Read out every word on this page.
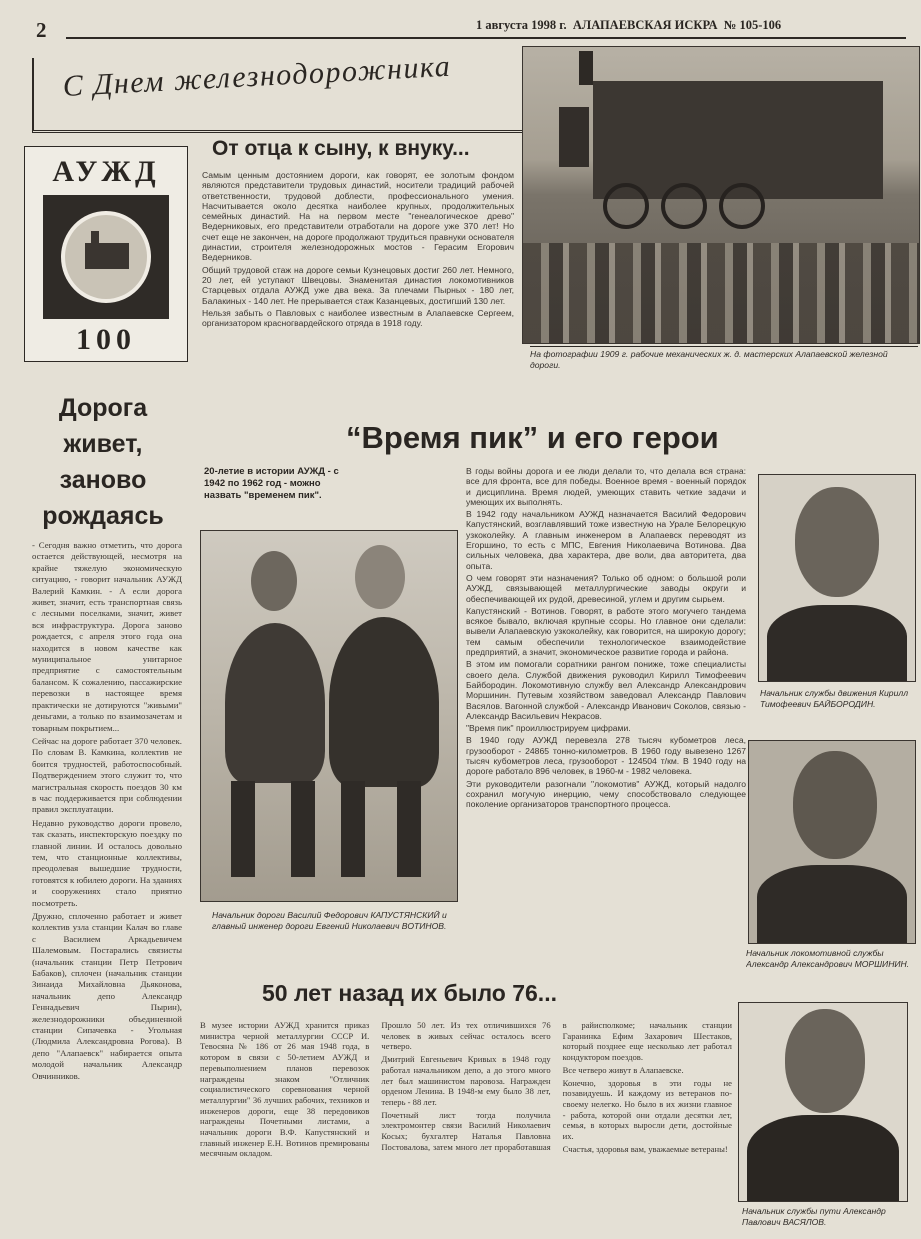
2	1 августа 1998 г.  АЛАПАЕВСКАЯ ИСКРА  № 105-106
С Днем железнодорожника
АУЖД
100
От отца к сыну, к внуку...

Самым ценным достоянием дороги, как говорят, ее золотым фондом являются представители трудовых династий, носители традиций рабочей ответственности, трудовой доблести, профессионального умения. Насчитывается около десятка наиболее крупных, продолжительных семейных династий. На на первом месте "генеалогическое древо" Ведерниковых, его представители отработали на дороге уже 370 лет! Но счет еще не закончен, на дороге продолжают трудиться правнуки основателя династии, строителя железнодорожных мостов - Герасим Егорович Ведерников.

Общий трудовой стаж на дороге семьи Кузнецовых достиг 260 лет. Немного, 20 лет, ей уступают Швецовы. Знаменитая династия локомотивников Старцевых отдала АУЖД уже два века. За плечами Пырных - 180 лет, Балакиных - 140 лет. Не прерывается стаж Казанцевых, достигший 130 лет.

Нельзя забыть о Павловых с наиболее известным в Алапаевске Сергеем, организатором красногвардейского отряда в 1918 году.

На фотографии 1909 г. рабочие механических ж. д. мастерских Алапаевской железной дороги.
Дорога живет, заново рождаясь

- Сегодня важно отметить, что дорога остается действующей, несмотря на крайне тяжелую экономическую ситуацию, - говорит начальник АУЖД Валерий Камкин. - А если дорога живет, значит, есть транспортная связь с лесными поселками, значит, живет вся инфраструктура. Дорога заново рождается, с апреля этого года она находится в новом качестве как муниципальное унитарное предприятие с самостоятельным балансом. К сожалению, пассажирские перевозки в настоящее время практически не дотируются "живыми" деньгами, а только по взаимозачетам и товарным покрытием...

Сейчас на дороге работает 370 человек. По словам В. Камкина, коллектив не боится трудностей, работоспособный. Подтверждением этого служит то, что магистральная скорость поездов 30 км в час поддерживается при соблюдении правил эксплуатации.

Недавно руководство дороги провело, так сказать, инспекторскую поездку по главной линии. И осталось довольно тем, что станционные коллективы, преодолевая вышедшие трудности, готовятся к юбилею дороги. На зданиях и сооружениях стало приятно посмотреть.

Дружно, сплоченно работает и живет коллектив узла станции Калач во главе с Василием Аркадьевичем Шалемовым. Постарались связисты (начальник станции Петр Петрович Бабаков), сплочен (начальник станции Зинаида Михайловна Дьяконова, начальник депо Александр Геннадьевич Пырин), железнодорожники объединенной станции Сипачевка - Угольная (Людмила Александровна Рогова). В депо "Алапаевск" набирается опыта молодой начальник Александр Овчинников.

“Время пик” и его герои
20-летие в истории АУЖД - с 1942 по 1962 год - можно назвать "временем пик".
Начальник дороги Василий Федорович КАПУСТЯНСКИЙ и главный инженер дороги Евгений Николаевич ВОТИНОВ.

В годы войны дорога и ее люди делали то, что делала вся страна: все для фронта, все для победы. Военное время - военный порядок и дисциплина. Время людей, умеющих ставить четкие задачи и умеющих их выполнять.

В 1942 году начальником АУЖД назначается Василий Федорович Капустянский, возглавлявший тоже известную на Урале Белорецкую узкоколейку. А главным инженером в Алапаевск переводят из Егоршино, то есть с МПС, Евгения Николаевича Вотинова. Два сильных человека, два характера, две воли, два авторитета, два опыта.

О чем говорят эти назначения? Только об одном: о большой роли АУЖД, связывающей металлургические заводы округи и обеспечивающей их рудой, древесиной, углем и другим сырьем.

Капустянский - Вотинов. Говорят, в работе этого могучего тандема всякое бывало, включая крупные ссоры. Но главное они сделали: вывели Алапаевскую узкоколейку, как говорится, на широкую дорогу; тем самым обеспечили технологическое взаимодействие предприятий, а значит, экономическое развитие города и района.

В этом им помогали соратники рангом пониже, тоже специалисты своего дела. Службой движения руководил Кирилл Тимофеевич Байбородин. Локомотивную службу вел Александр Александрович Моршинин. Путевым хозяйством заведовал Александр Павлович Васялов. Вагонной службой - Александр Иванович Соколов, связью - Александр Васильевич Некрасов.

"Время пик" проиллюстрируем цифрами.

В 1940 году АУЖД перевезла 278 тысяч кубометров леса, грузооборот - 24865 тонно-километров. В 1960 году вывезено 1267 тысяч кубометров леса, грузооборот - 124504 т/км. В 1940 году на дороге работало 896 человек, в 1960-м - 1982 человека.

Эти руководители разогнали "локомотив" АУЖД, который надолго сохранил могучую инерцию, чему способствовало следующее поколение организаторов транспортного процесса.

Начальник службы движения Кирилл Тимофеевич БАЙБОРОДИН.
Начальник локомотивной службы Александр Александрович МОРШИНИН.
Начальник службы пути Александр Павлович ВАСЯЛОВ.
50 лет назад их было 76...

В музее истории АУЖД хранится приказ министра черной металлургии СССР И. Тевосяна № 186 от 26 мая 1948 года, в котором в связи с 50-летием АУЖД и перевыполнением планов перевозок награждены знаком "Отличник социалистического соревнования черной металлургии" 36 лучших рабочих, техников и инженеров дороги, еще 38 передовиков награждены Почетными листами, а начальник дороги В.Ф. Капустянский и главный инженер Е.Н. Вотинов премированы месячным окладом.

Прошло 50 лет. Из тех отличившихся 76 человек в живых сейчас осталось всего четверо.

Дмитрий Евгеньевич Кривых в 1948 году работал начальником депо, а до этого много лет был машинистом паровоза. Награжден орденом Ленина. В 1948-м ему было 38 лет, теперь - 88 лет.

Почетный лист тогда получила электромонтер связи Василий Николаевич Косых; бухгалтер Наталья Павловна Постовалова, затем много лет проработавшая в райисполкоме; начальник станции Гаранинка Ефим Захарович Шестаков, который позднее еще несколько лет работал кондуктором поездов.

Все четверо живут в Алапаевске.

Конечно, здоровья в эти годы не позавидуешь. И каждому из ветеранов по-своему нелегко. Но было в их жизни главное - работа, которой они отдали десятки лет, семья, в которых выросли дети, достойные их.

Счастья, здоровья вам, уважаемые ветераны!
